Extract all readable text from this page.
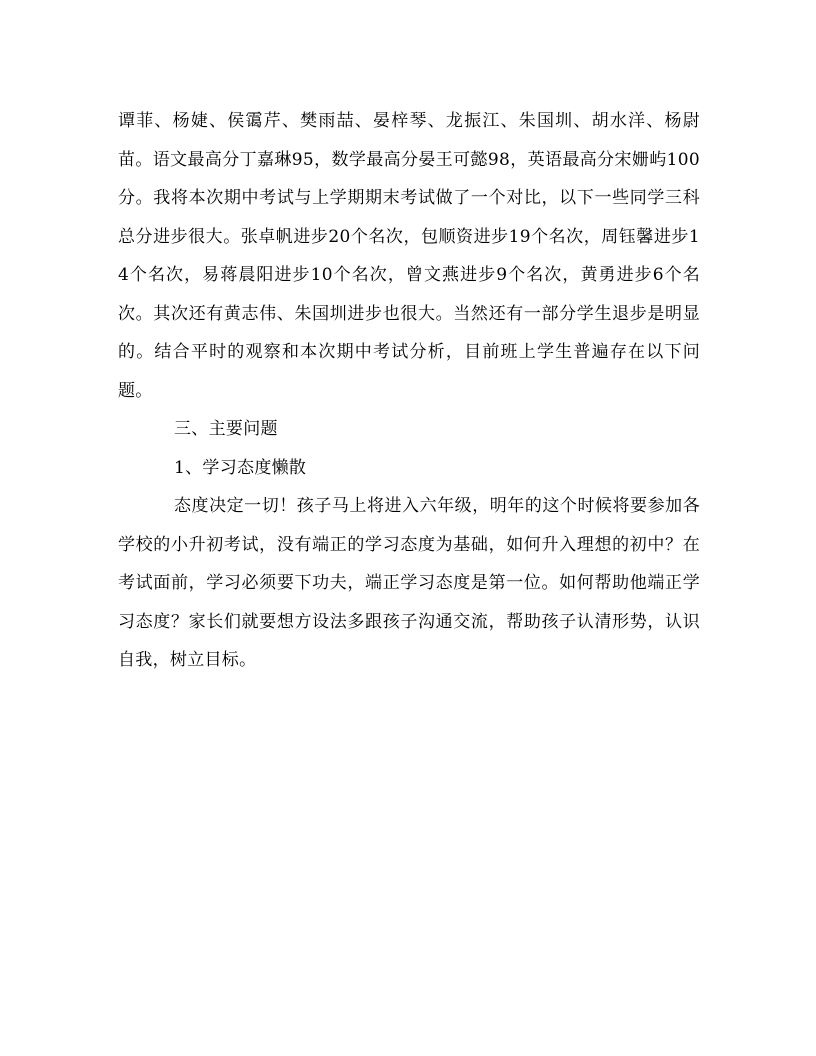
谭菲、杨婕、侯霭芹、樊雨喆、晏梓琴、龙振江、朱国圳、胡水洋、杨尉苗。语文最高分丁嘉琳95，数学最高分晏王可懿98，英语最高分宋姗屿100分。我将本次期中考试与上学期期末考试做了一个对比，以下一些同学三科总分进步很大。张卓帆进步20个名次，包顺资进步19个名次，周钰馨进步14个名次，易蒋晨阳进步10个名次，曾文燕进步9个名次，黄勇进步6个名次。其次还有黄志伟、朱国圳进步也很大。当然还有一部分学生退步是明显的。结合平时的观察和本次期中考试分析，目前班上学生普遍存在以下问题。

三、主要问题

1、学习态度懒散

态度决定一切！孩子马上将进入六年级，明年的这个时候将要参加各学校的小升初考试，没有端正的学习态度为基础，如何升入理想的初中？在考试面前，学习必须要下功夫，端正学习态度是第一位。如何帮助他端正学习态度？家长们就要想方设法多跟孩子沟通交流，帮助孩子认清形势，认识自我，树立目标。
